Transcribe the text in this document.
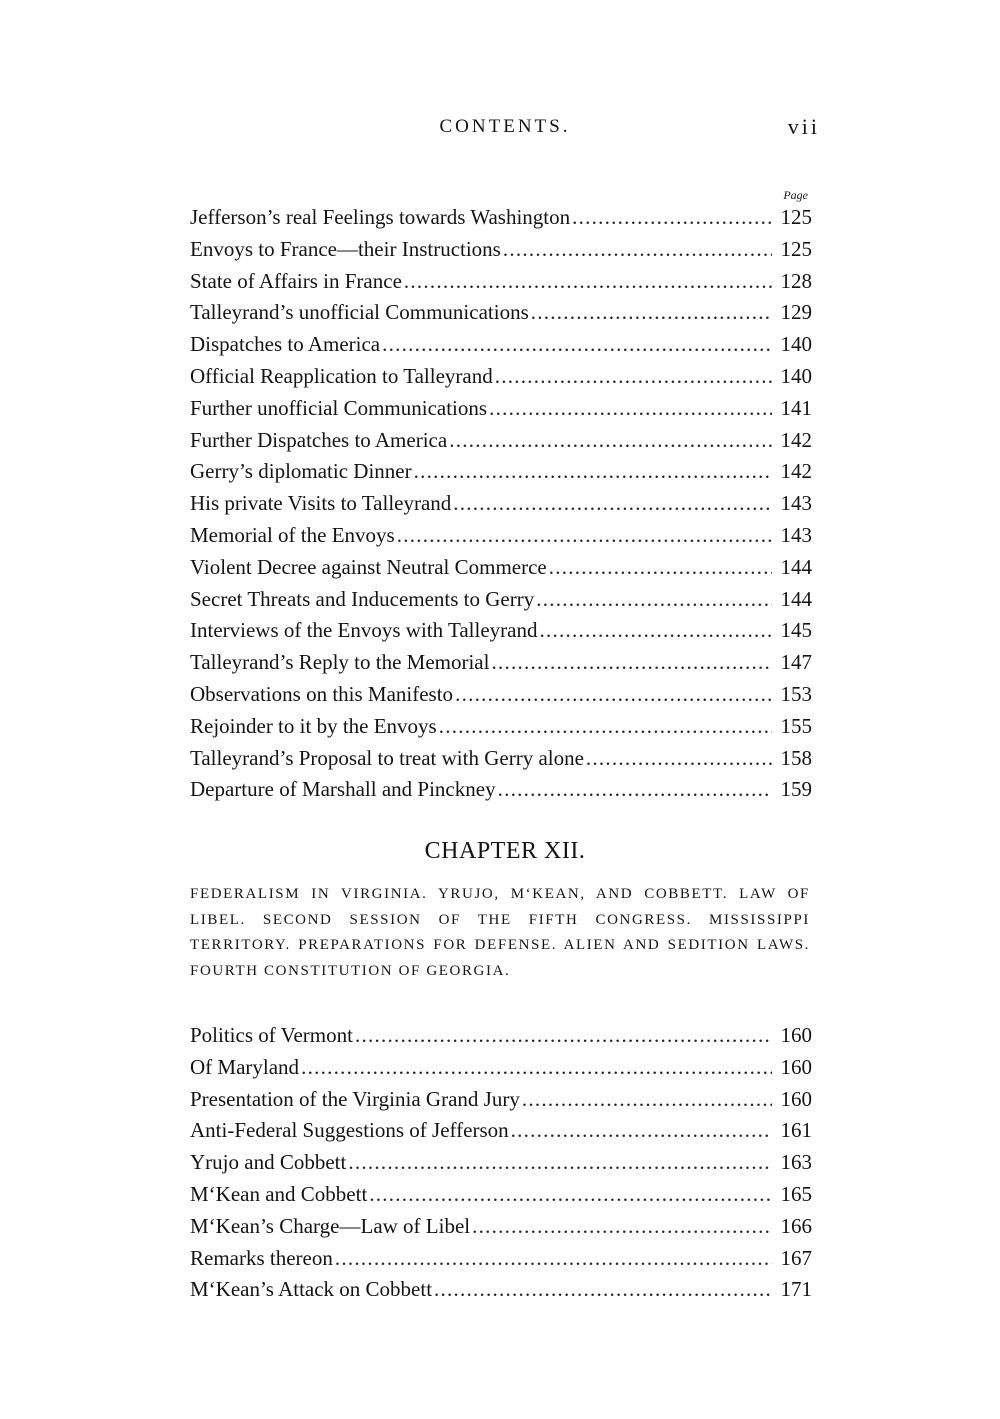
CONTENTS.	vii
Page
Jefferson’s real Feelings towards Washington . . .	125
Envoys to France—their Instructions . . .	125
State of Affairs in France . . .	128
Talleyrand’s unofficial Communications . . .	129
Dispatches to America . . .	140
Official Reapplication to Talleyrand . . .	140
Further unofficial Communications . . .	141
Further Dispatches to America . . .	142
Gerry’s diplomatic Dinner . . .	142
His private Visits to Talleyrand . . .	143
Memorial of the Envoys . . .	143
Violent Decree against Neutral Commerce . . .	144
Secret Threats and Inducements to Gerry . . .	144
Interviews of the Envoys with Talleyrand . . .	145
Talleyrand’s Reply to the Memorial . . .	147
Observations on this Manifesto . . .	153
Rejoinder to it by the Envoys . . .	155
Talleyrand’s Proposal to treat with Gerry alone . . .	158
Departure of Marshall and Pinckney . . .	159
CHAPTER XII.
FEDERALISM IN VIRGINIA. YRUJO, M‘KEAN, AND COBBETT. LAW OF LIBEL. SECOND SESSION OF THE FIFTH CONGRESS. MISSISSIPPI TERRITORY. PREPARATIONS FOR DEFENSE. ALIEN AND SEDITION LAWS. FOURTH CONSTITUTION OF GEORGIA.
Politics of Vermont . . .	160
Of Maryland . . .	160
Presentation of the Virginia Grand Jury . . .	160
Anti-Federal Suggestions of Jefferson . . .	161
Yrujo and Cobbett . . .	163
M‘Kean and Cobbett . . .	165
M‘Kean’s Charge—Law of Libel . . .	166
Remarks thereon . . .	167
M‘Kean’s Attack on Cobbett . . .	171
